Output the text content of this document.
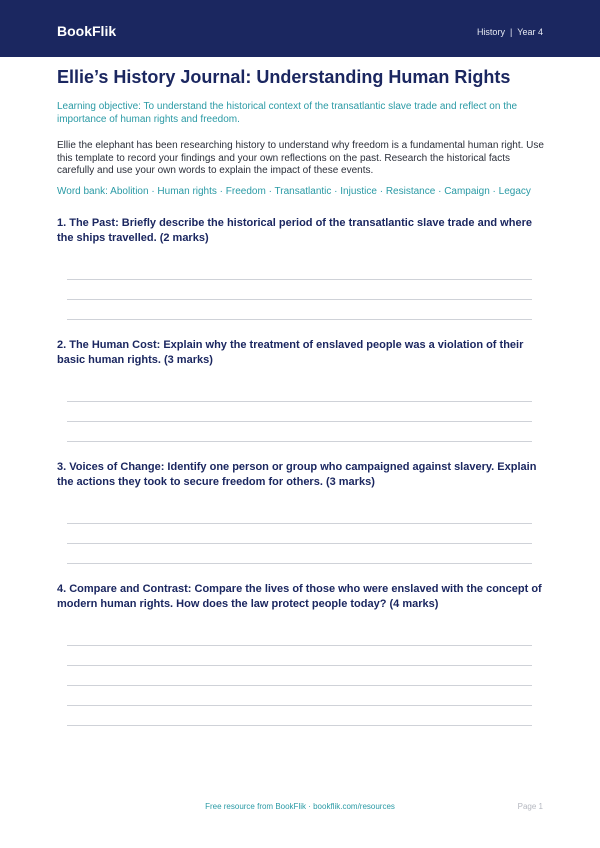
BookFlik	History | Year 4
Ellie’s History Journal: Understanding Human Rights

Learning objective: To understand the historical context of the transatlantic slave trade and reflect on the importance of human rights and freedom.

Ellie the elephant has been researching history to understand why freedom is a fundamental human right. Use this template to record your findings and your own reflections on the past. Research the historical facts carefully and use your own words to explain the impact of these events.

Word bank: Abolition · Human rights · Freedom · Transatlantic · Injustice · Resistance · Campaign · Legacy

1. The Past: Briefly describe the historical period of the transatlantic slave trade and where the ships travelled. (2 marks)

2. The Human Cost: Explain why the treatment of enslaved people was a violation of their basic human rights. (3 marks)

3. Voices of Change: Identify one person or group who campaigned against slavery. Explain the actions they took to secure freedom for others. (3 marks)

4. Compare and Contrast: Compare the lives of those who were enslaved with the concept of modern human rights. How does the law protect people today? (4 marks)

Free resource from BookFlik · bookflik.com/resources	Page 1
